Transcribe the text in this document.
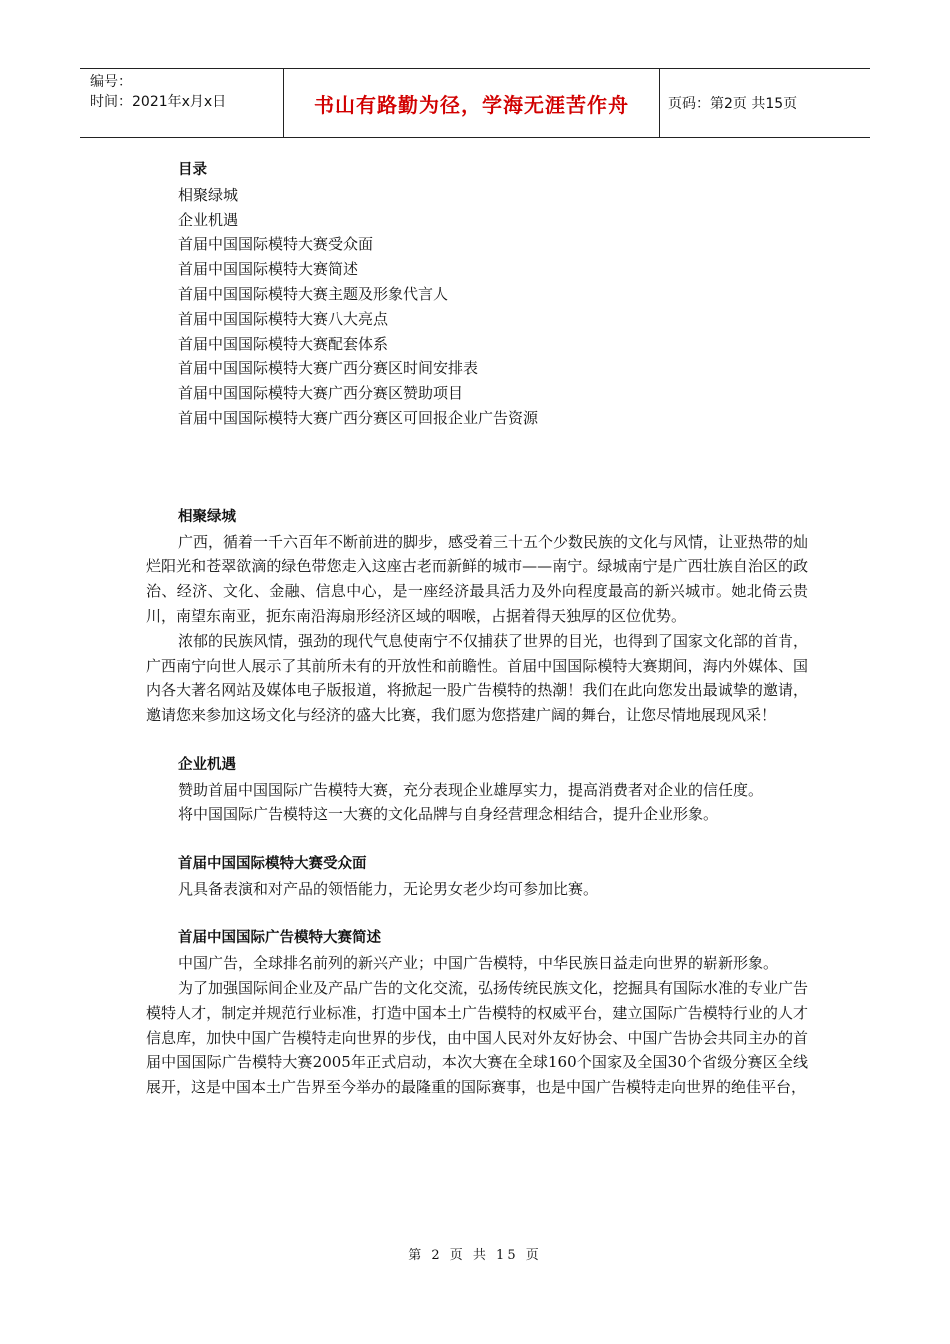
编号：
时间：2021年x月x日	书山有路勤为径，学海无涯苦作舟	页码：第2页 共15页

目录

相聚绿城

企业机遇

首届中国国际模特大赛受众面

首届中国国际模特大赛简述

首届中国国际模特大赛主题及形象代言人

首届中国国际模特大赛八大亮点

首届中国国际模特大赛配套体系

首届中国国际模特大赛广西分赛区时间安排表

首届中国国际模特大赛广西分赛区赞助项目

首届中国国际模特大赛广西分赛区可回报企业广告资源

相聚绿城

广西，循着一千六百年不断前进的脚步，感受着三十五个少数民族的文化与风情，让亚热带的灿烂阳光和苍翠欲滴的绿色带您走入这座古老而新鲜的城市——南宁。绿城南宁是广西壮族自治区的政治、经济、文化、金融、信息中心，是一座经济最具活力及外向程度最高的新兴城市。她北倚云贵川，南望东南亚，扼东南沿海扇形经济区域的咽喉，占据着得天独厚的区位优势。

浓郁的民族风情，强劲的现代气息使南宁不仅捕获了世界的目光，也得到了国家文化部的首肯，广西南宁向世人展示了其前所未有的开放性和前瞻性。首届中国国际模特大赛期间，海内外媒体、国内各大著名网站及媒体电子版报道，将掀起一股广告模特的热潮！我们在此向您发出最诚挚的邀请，邀请您来参加这场文化与经济的盛大比赛，我们愿为您搭建广阔的舞台，让您尽情地展现风采！

企业机遇

赞助首届中国国际广告模特大赛，充分表现企业雄厚实力，提高消费者对企业的信任度。

将中国国际广告模特这一大赛的文化品牌与自身经营理念相结合，提升企业形象。

首届中国国际模特大赛受众面

凡具备表演和对产品的领悟能力，无论男女老少均可参加比赛。

首届中国国际广告模特大赛简述

中国广告，全球排名前列的新兴产业；中国广告模特，中华民族日益走向世界的崭新形象。

为了加强国际间企业及产品广告的文化交流，弘扬传统民族文化，挖掘具有国际水准的专业广告模特人才，制定并规范行业标准，打造中国本土广告模特的权威平台，建立国际广告模特行业的人才信息库，加快中国广告模特走向世界的步伐，由中国人民对外友好协会、中国广告协会共同主办的首届中国国际广告模特大赛2005年正式启动，本次大赛在全球160个国家及全国30个省级分赛区全线展开，这是中国本土广告界至今举办的最隆重的国际赛事，也是中国广告模特走向世界的绝佳平台，

第 2 页 共 15 页
